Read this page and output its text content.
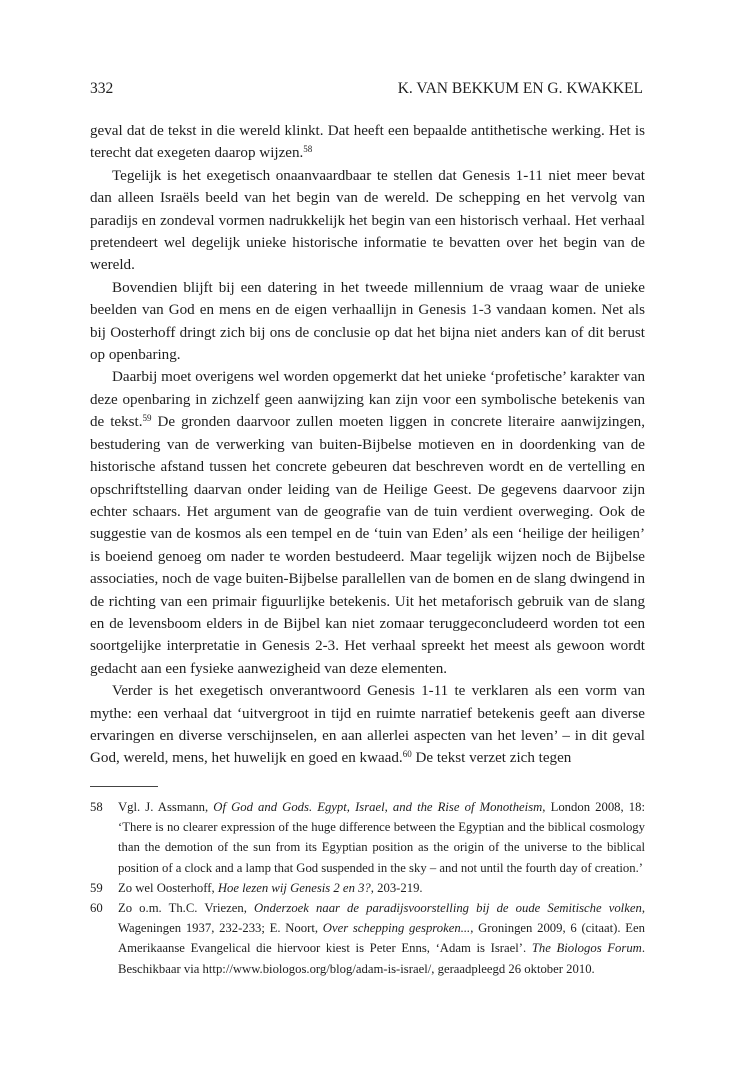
332	K. VAN BEKKUM EN G. KWAKKEL

geval dat de tekst in die wereld klinkt. Dat heeft een bepaalde antithetische werking. Het is terecht dat exegeten daarop wijzen.$^{58}$

Tegelijk is het exegetisch onaanvaardbaar te stellen dat Genesis 1-11 niet meer bevat dan alleen Israëls beeld van het begin van de wereld. De schepping en het vervolg van paradijs en zondeval vormen nadrukkelijk het begin van een historisch verhaal. Het verhaal pretendeert wel degelijk unieke historische informatie te bevatten over het begin van de wereld.

Bovendien blijft bij een datering in het tweede millennium de vraag waar de unieke beelden van God en mens en de eigen verhaallijn in Genesis 1-3 vandaan komen. Net als bij Oosterhoff dringt zich bij ons de conclusie op dat het bijna niet anders kan of dit berust op openbaring.

Daarbij moet overigens wel worden opgemerkt dat het unieke ‘profetische’ karakter van deze openbaring in zichzelf geen aanwijzing kan zijn voor een symbolische betekenis van de tekst.$^{59}$ De gronden daarvoor zullen moeten liggen in concrete literaire aanwijzingen, bestudering van de verwerking van buiten-Bijbelse motieven en in doordenking van de historische afstand tussen het concrete gebeuren dat beschreven wordt en de vertelling en opschriftstelling daarvan onder leiding van de Heilige Geest. De gegevens daarvoor zijn echter schaars. Het argument van de geografie van de tuin verdient overweging. Ook de suggestie van de kosmos als een tempel en de ‘tuin van Eden’ als een ‘heilige der heiligen’ is boeiend genoeg om nader te worden bestudeerd. Maar tegelijk wijzen noch de Bijbelse associaties, noch de vage buiten-Bijbelse parallellen van de bomen en de slang dwingend in de richting van een primair figuurlijke betekenis. Uit het metaforisch gebruik van de slang en de levensboom elders in de Bijbel kan niet zomaar teruggeconcludeerd worden tot een soortgelijke interpretatie in Genesis 2-3. Het verhaal spreekt het meest als gewoon wordt gedacht aan een fysieke aanwezigheid van deze elementen.

Verder is het exegetisch onverantwoord Genesis 1-11 te verklaren als een vorm van mythe: een verhaal dat ‘uitvergroot in tijd en ruimte narratief betekenis geeft aan diverse ervaringen en diverse verschijnselen, en aan allerlei aspecten van het leven’ – in dit geval God, wereld, mens, het huwelijk en goed en kwaad.$^{60}$ De tekst verzet zich tegen

58	Vgl. J. Assmann, Of God and Gods. Egypt, Israel, and the Rise of Monotheism, London 2008, 18: ‘There is no clearer expression of the huge difference between the Egyptian and the biblical cosmology than the demotion of the sun from its Egyptian position as the origin of the universe to the biblical position of a clock and a lamp that God suspended in the sky – and not until the fourth day of creation.’
59	Zo wel Oosterhoff, Hoe lezen wij Genesis 2 en 3?, 203-219.
60	Zo o.m. Th.C. Vriezen, Onderzoek naar de paradijsvoorstelling bij de oude Semitische volken, Wageningen 1937, 232-233; E. Noort, Over schepping gesproken..., Groningen 2009, 6 (citaat). Een Amerikaanse Evangelical die hiervoor kiest is Peter Enns, ‘Adam is Israel’. The Biologos Forum. Beschikbaar via http://www.biologos.org/blog/adam-is-israel/, geraadpleegd 26 oktober 2010.
